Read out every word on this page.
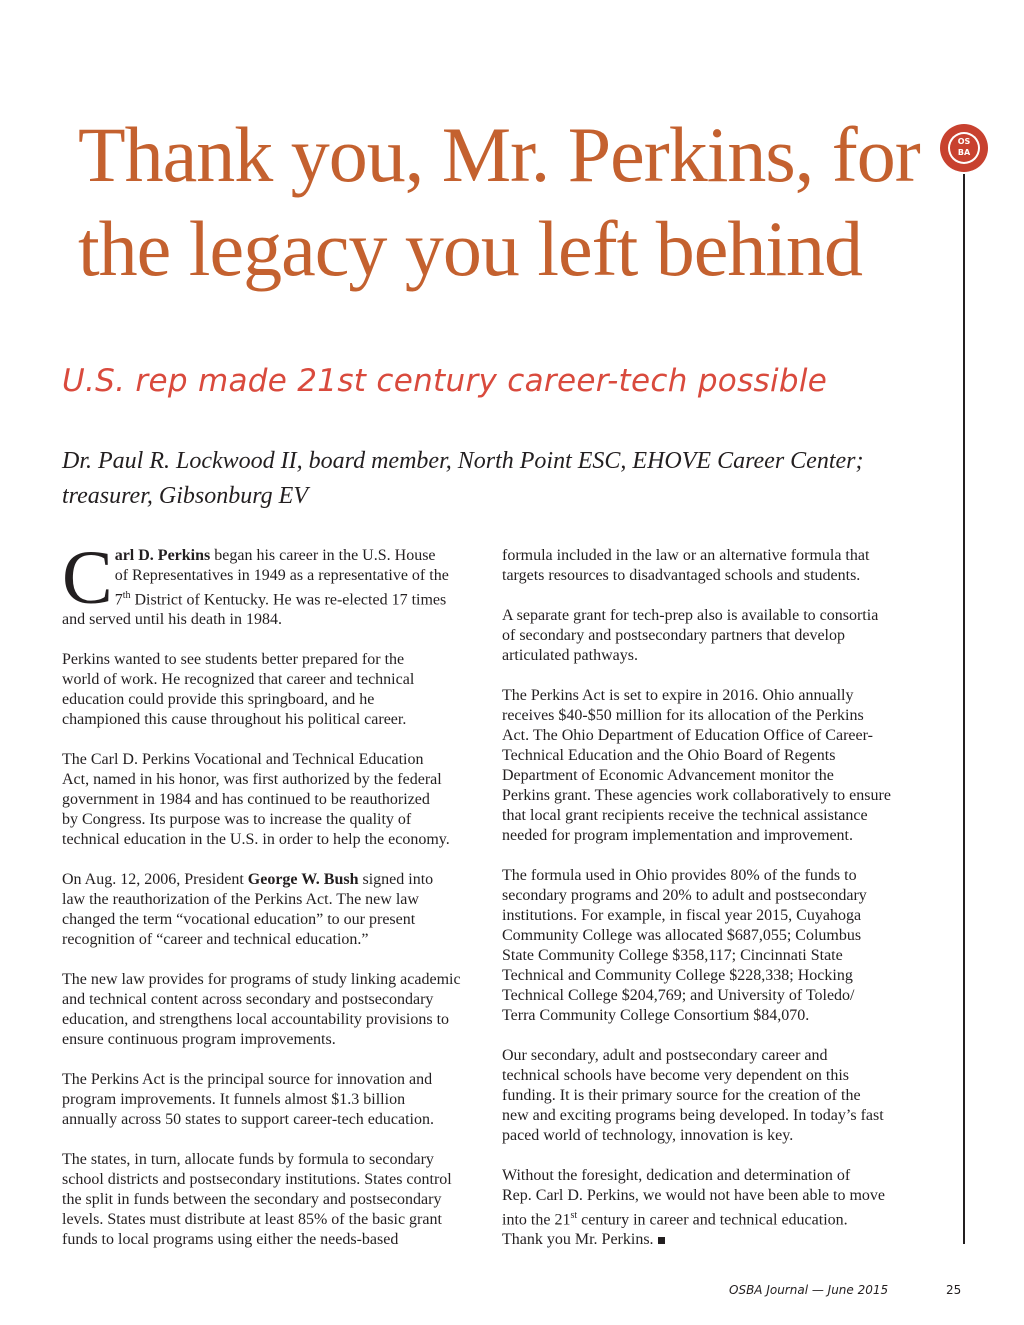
OS
BA
Thank you, Mr. Perkins, for
the legacy you left behind
U.S. rep made 21st century career-tech possible
Dr. Paul R. Lockwood II, board member, North Point ESC, EHOVE Career Center;
treasurer, Gibsonburg EV
C arl D. Perkins began his career in the U.S. House
of Representatives in 1949 as a representative of the
7th District of Kentucky. He was re-elected 17 times
and served until his death in 1984.
Perkins wanted to see students better prepared for the
world of work. He recognized that career and technical
education could provide this springboard, and he
championed this cause throughout his political career.
The Carl D. Perkins Vocational and Technical Education
Act, named in his honor, was first authorized by the federal
government in 1984 and has continued to be reauthorized
by Congress. Its purpose was to increase the quality of
technical education in the U.S. in order to help the economy.
On Aug. 12, 2006, President George W. Bush signed into
law the reauthorization of the Perkins Act. The new law
changed the term “vocational education” to our present
recognition of “career and technical education.”
The new law provides for programs of study linking academic
and technical content across secondary and postsecondary
education, and strengthens local accountability provisions to
ensure continuous program improvements.
The Perkins Act is the principal source for innovation and
program improvements. It funnels almost $1.3 billion
annually across 50 states to support career-tech education.
The states, in turn, allocate funds by formula to secondary
school districts and postsecondary institutions. States control
the split in funds between the secondary and postsecondary
levels. States must distribute at least 85% of the basic grant
funds to local programs using either the needs-based
formula included in the law or an alternative formula that
targets resources to disadvantaged schools and students.
A separate grant for tech-prep also is available to consortia
of secondary and postsecondary partners that develop
articulated pathways.
The Perkins Act is set to expire in 2016. Ohio annually
receives $40-$50 million for its allocation of the Perkins
Act. The Ohio Department of Education Office of Career-
Technical Education and the Ohio Board of Regents
Department of Economic Advancement monitor the
Perkins grant. These agencies work collaboratively to ensure
that local grant recipients receive the technical assistance
needed for program implementation and improvement.
The formula used in Ohio provides 80% of the funds to
secondary programs and 20% to adult and postsecondary
institutions. For example, in fiscal year 2015, Cuyahoga
Community College was allocated $687,055; Columbus
State Community College $358,117; Cincinnati State
Technical and Community College $228,338; Hocking
Technical College $204,769; and University of Toledo/
Terra Community College Consortium $84,070.
Our secondary, adult and postsecondary career and
technical schools have become very dependent on this
funding. It is their primary source for the creation of the
new and exciting programs being developed. In today’s fast
paced world of technology, innovation is key.
Without the foresight, dedication and determination of
Rep. Carl D. Perkins, we would not have been able to move
into the 21st century in career and technical education.
Thank you Mr. Perkins.
OSBA Journal — June 2015	25
